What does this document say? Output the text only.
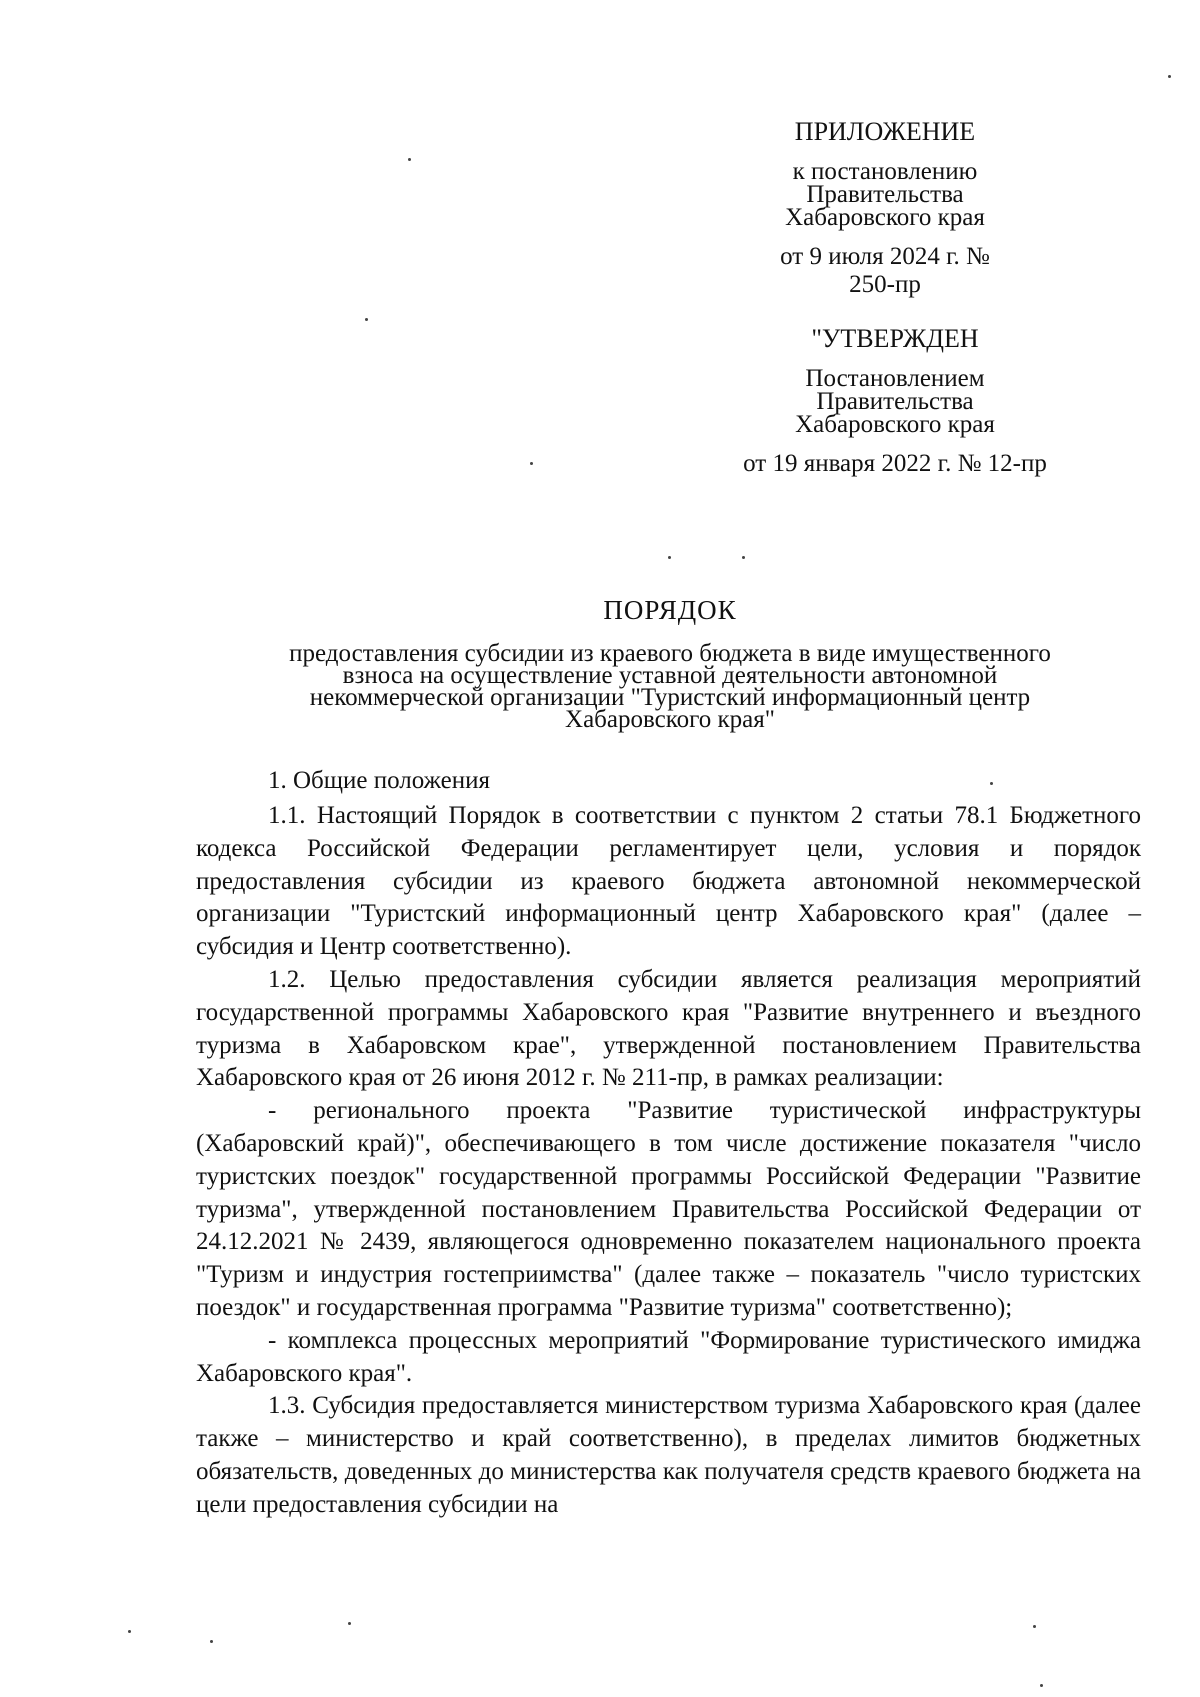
ПРИЛОЖЕНИЕ
к постановлению
Правительства
Хабаровского края
от 9 июля 2024 г. № 250-пр
"УТВЕРЖДЕН
Постановлением
Правительства
Хабаровского края
от 19 января 2022 г. № 12-пр
ПОРЯДОК
предоставления субсидии из краевого бюджета в виде имущественного
взноса на осуществление уставной деятельности автономной
некоммерческой организации "Туристский информационный центр
Хабаровского края"
1. Общие положения

1.1. Настоящий Порядок в соответствии с пунктом 2 статьи 78.1 Бюджетного кодекса Российской Федерации регламентирует цели, условия и порядок предоставления субсидии из краевого бюджета автономной некоммерческой организации "Туристский информационный центр Хабаровского края" (далее – субсидия и Центр соответственно).

1.2. Целью предоставления субсидии является реализация мероприятий государственной программы Хабаровского края "Развитие внутреннего и въездного туризма в Хабаровском крае", утвержденной постановлением Правительства Хабаровского края от 26 июня 2012 г. № 211-пр, в рамках реализации:

- регионального проекта "Развитие туристической инфраструктуры (Хабаровский край)", обеспечивающего в том числе достижение показателя "число туристских поездок" государственной программы Российской Федерации "Развитие туризма", утвержденной постановлением Правительства Российской Федерации от 24.12.2021 № 2439, являющегося одновременно показателем национального проекта "Туризм и индустрия гостеприимства" (далее также – показатель "число туристских поездок" и государственная программа "Развитие туризма" соответственно);

- комплекса процессных мероприятий "Формирование туристического имиджа Хабаровского края".

1.3. Субсидия предоставляется министерством туризма Хабаровского края (далее также – министерство и край соответственно), в пределах лимитов бюджетных обязательств, доведенных до министерства как получателя средств краевого бюджета на цели предоставления субсидии на
